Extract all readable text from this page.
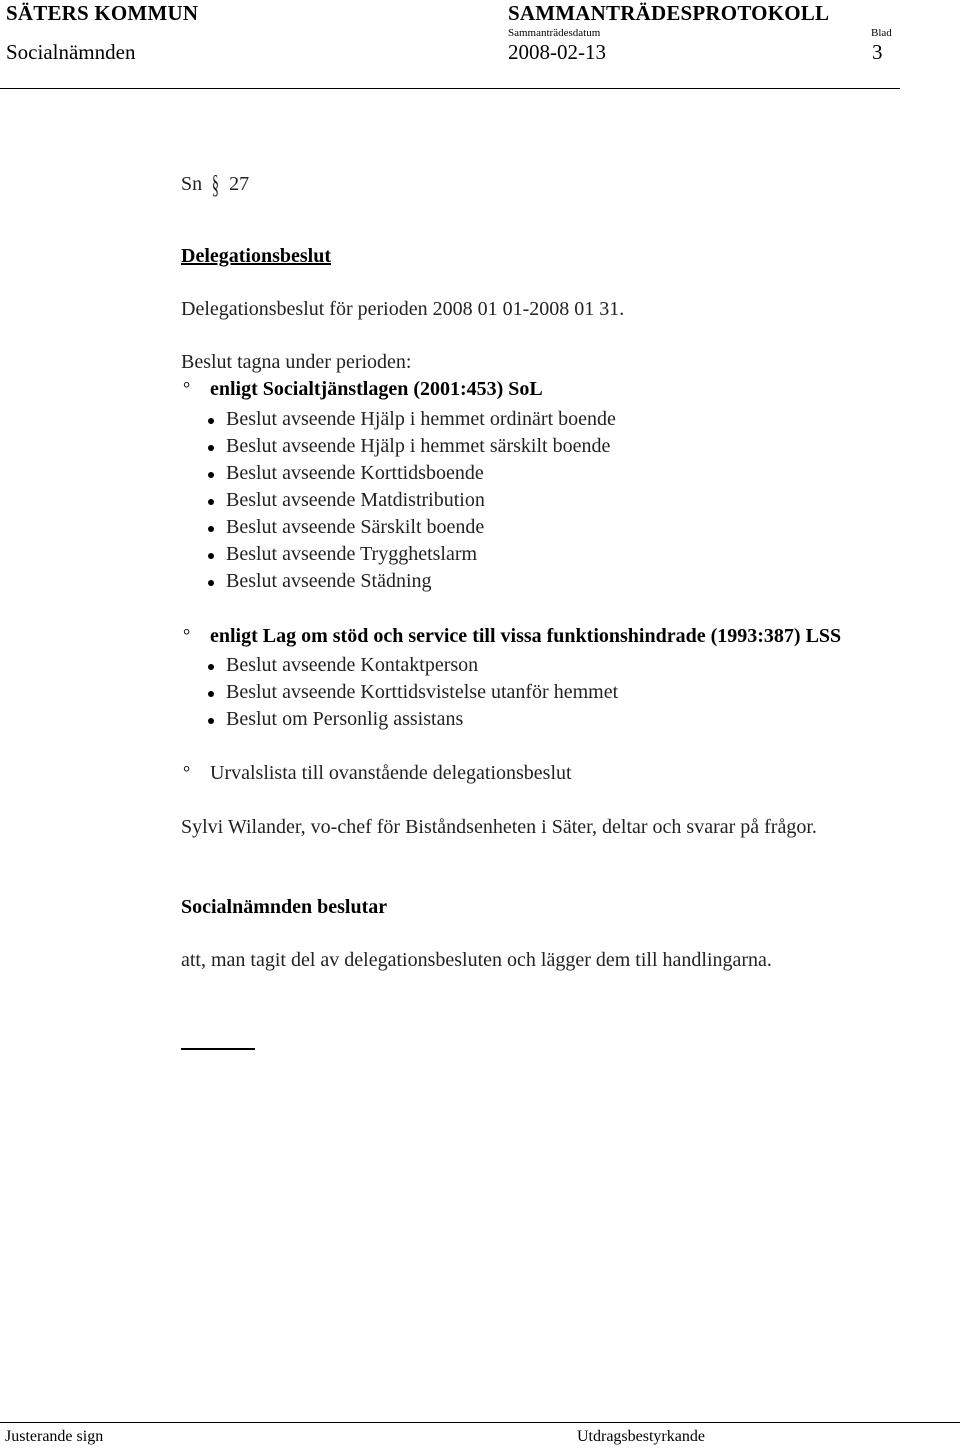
SÄTERS KOMMUN	SAMMANTRÄDESPROTOKOLL
Sammanträdesdatum	Blad
Socialnämnden	2008-02-13	3
Sn § 27
Delegationsbeslut
Delegationsbeslut för perioden 2008 01 01-2008 01 31.
Beslut tagna under perioden:
° enligt Socialtjänstlagen (2001:453) SoL
Beslut avseende Hjälp i hemmet ordinärt boende
Beslut avseende Hjälp i hemmet särskilt boende
Beslut avseende Korttidsboende
Beslut avseende Matdistribution
Beslut avseende Särskilt boende
Beslut avseende Trygghetslarm
Beslut avseende Städning
° enligt Lag om stöd och service till vissa funktionshindrade (1993:387) LSS
Beslut avseende Kontaktperson
Beslut avseende Korttidsvistelse utanför hemmet
Beslut om Personlig assistans
° Urvalslista till ovanstående delegationsbeslut
Sylvi Wilander, vo-chef för Biståndsenheten i Säter, deltar och svarar på frågor.
Socialnämnden beslutar
att, man tagit del av delegationsbesluten och lägger dem till handlingarna.
Justerande sign	Utdragsbestyrkande
